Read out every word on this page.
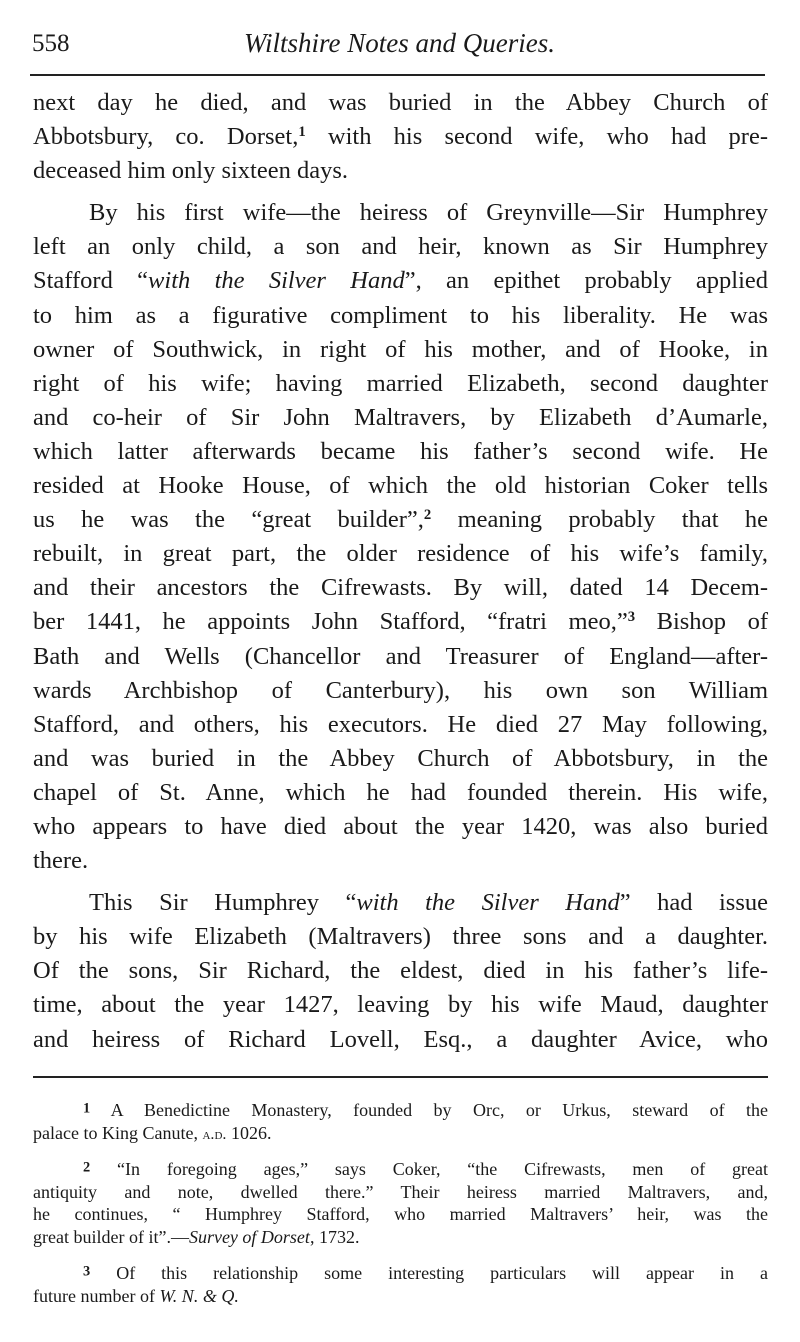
558	Wiltshire Notes and Queries.
next day he died, and was buried in the Abbey Church of
Abbotsbury, co. Dorset,$^1$ with his second wife, who had pre-
deceased him only sixteen days.
By his first wife—the heiress of Greynville—Sir Humphrey
left an only child, a son and heir, known as Sir Humphrey
Stafford “with the Silver Hand”, an epithet probably applied
to him as a figurative compliment to his liberality. He was
owner of Southwick, in right of his mother, and of Hooke, in
right of his wife; having married Elizabeth, second daughter
and co-heir of Sir John Maltravers, by Elizabeth d’Aumarle,
which latter afterwards became his father’s second wife. He
resided at Hooke House, of which the old historian Coker tells
us he was the “great builder”,$^2$ meaning probably that he
rebuilt, in great part, the older residence of his wife’s family,
and their ancestors the Cifrewasts. By will, dated 14 Decem-
ber 1441, he appoints John Stafford, “fratri meo,”$^3$ Bishop of
Bath and Wells (Chancellor and Treasurer of England—after-
wards Archbishop of Canterbury), his own son William
Stafford, and others, his executors. He died 27 May following,
and was buried in the Abbey Church of Abbotsbury, in the
chapel of St. Anne, which he had founded therein. His wife,
who appears to have died about the year 1420, was also buried
there.
This Sir Humphrey “with the Silver Hand” had issue
by his wife Elizabeth (Maltravers) three sons and a daughter.
Of the sons, Sir Richard, the eldest, died in his father’s life-
time, about the year 1427, leaving by his wife Maud, daughter
and heiress of Richard Lovell, Esq., a daughter Avice, who
$^1$ A Benedictine Monastery, founded by Orc, or Urkus, steward of the
palace to King Canute, a.d. 1026.
$^2$ “In foregoing ages,” says Coker, “the Cifrewasts, men of great
antiquity and note, dwelled there.” Their heiress married Maltravers, and,
he continues, “ Humphrey Stafford, who married Maltravers’ heir, was the
great builder of it”.—Survey of Dorset, 1732.
$^3$ Of this relationship some interesting particulars will appear in a
future number of W. N. & Q.
